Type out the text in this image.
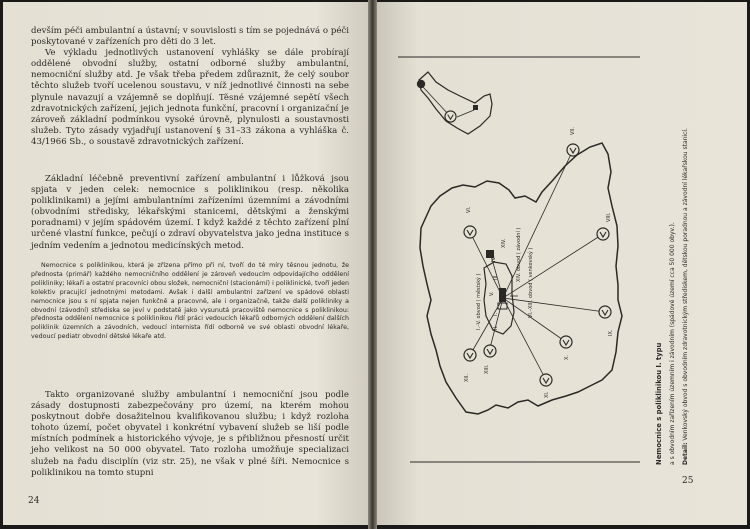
devším péči ambulantní a ústavní; v souvislosti s tím se pojednává o péči poskytované v zařízeních pro děti do 3 let.

Ve výkladu jednotlivých ustanovení vyhlášky se dále probírají oddělené obvodní služby, ostatní odborné služby ambulantní, nemocniční služby atd. Je však třeba předem zdůraznit, že celý soubor těchto služeb tvoří ucelenou soustavu, v níž jednotlivé činnosti na sebe plynule navazují a vzájemně se doplňují. Těsné vzájemné sepětí všech zdravotnických zařízení, jejich jednota funkční, pracovní i organizační je zároveň základní podmínkou vysoké úrovně, plynulosti a soustavnosti služeb. Tyto zásady vyjadřují ustanovení § 31–33 zákona a vyhláška č. 43/1966 Sb., o soustavě zdravotnických zařízení.

Základní léčebně preventivní zařízení ambulantní i lůžková jsou spjata v jeden celek: nemocnice s poliklinikou (resp. několika poliklinikami) a jejími ambulantními zařízeními územními a závodními (obvodními středisky, lékařskými stanicemi, dětskými a ženskými poradnami) v jejím spádovém území. I když každé z těchto zařízení plní určené vlastní funkce, pečují o zdraví obyvatelstva jako jedna instituce s jedním vedením a jednotou medicínských metod.

Nemocnice s poliklinikou, která je zřízena přímo při ní, tvoří do té míry těsnou jednotu, že přednosta (primář) každého nemocničního oddělení je zároveň vedoucím odpovídajícího oddělení polikliniky; lékaři a ostatní pracovníci obou složek, nemocniční (stacionární) i poliklinické, tvoří jeden kolektiv pracující jednotnými metodami. Avšak i další ambulantní zařízení ve spádové oblasti nemocnice jsou s ní spjata nejen funkčně a pracovně, ale i organizačně, takže další polikliniky a obvodní (závodní) střediska se jeví v podstatě jako vysunutá pracoviště nemocnice s poliklinikou: přednosta oddělení nemocnice s poliklinikou řídí práci vedoucích lékařů odborných oddělení dalších poliklinik územních a závodních, vedoucí internista řídí odborně ve své oblasti obvodní lékaře, vedoucí pediatr obvodní dětské lékaře atd.

Takto organizované služby ambulantní i nemocniční jsou podle zásady dostupnosti zabezpečovány pro území, na kterém mohou poskytnout dobře dosažitelnou kvalifikovanou službu; i když rozloha tohoto území, počet obyvatel i konkrétní vybavení služeb se liší podle místních podmínek a historického vývoje, je s přibližnou přesností určit jeho velikost na 50 000 obyvatel. Tato rozloha umožňuje specializaci služeb na řadu disciplín (viz str. 25), ne však v plné šíři. Nemocnice s poliklinikou na tomto stupni

24
25
VI.
VII.
VIII.
IX.
X.
XI.
XII.
XIII.
XIV.
IV.
III.
V.
I.
II.
I.–V. obvod ( městský )	VI.–XIII. obvod ( venkovský )
XIV. obvod ( závodní )
Nemocnice s poliklinikou I. typu a s obvodním zařízením územním i závodním (spádové území cca 50 000 obyv.). Detail: Venkovský obvod s obvodním zdravotnickým střediskem, dětskou poradnou a závodní lékařskou stanicí.
